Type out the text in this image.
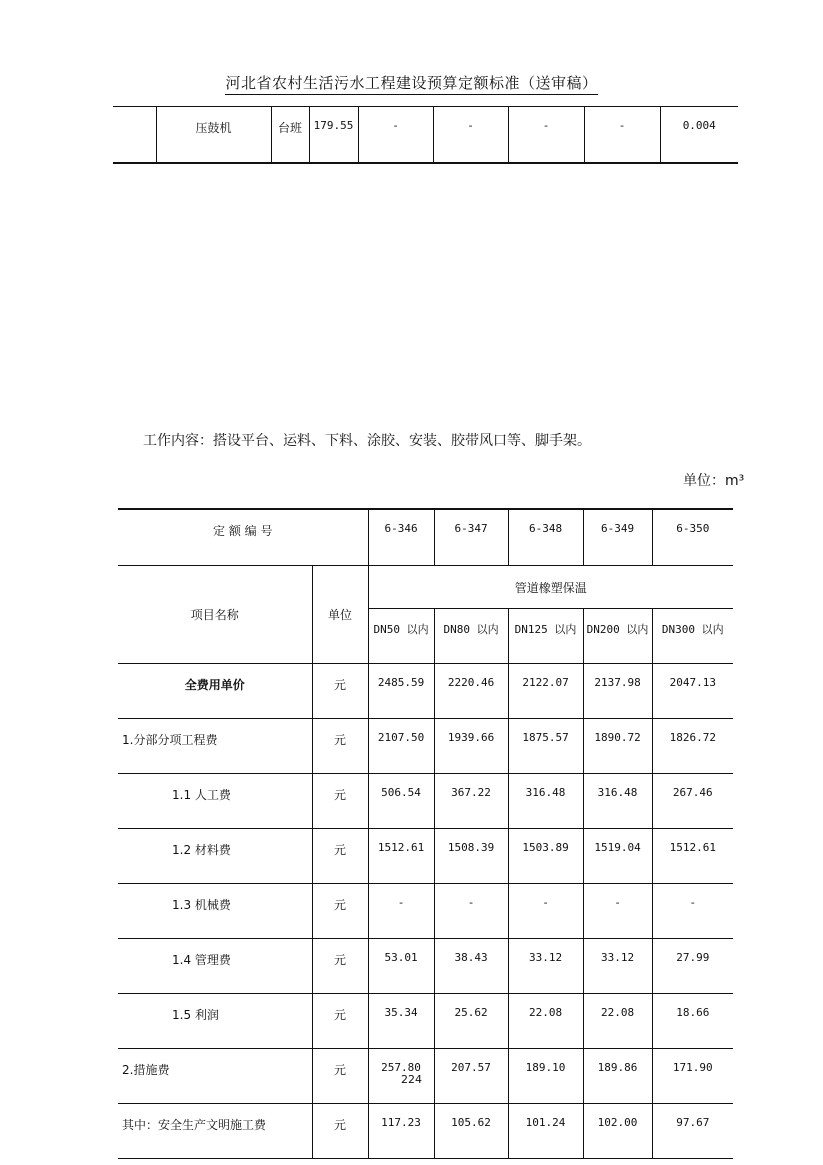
河北省农村生活污水工程建设预算定额标准（送审稿）
	压鼓机	台班	179.55	-	-	-	-	0.004
工作内容：搭设平台、运料、下料、涂胶、安装、胶带风口等、脚手架。
单位：m³
定 额 编 号		6-346	6-347	6-348	6-349	6-350
项目名称	单位	管道橡塑保温				
		DN50 以内	DN80 以内	DN125 以内	DN200 以内	DN300 以内
全费用单价	元	2485.59	2220.46	2122.07	2137.98	2047.13
1.分部分项工程费	元	2107.50	1939.66	1875.57	1890.72	1826.72
1.1 人工费	元	506.54	367.22	316.48	316.48	267.46
1.2 材料费	元	1512.61	1508.39	1503.89	1519.04	1512.61
1.3 机械费	元	-	-	-	-	-
1.4 管理费	元	53.01	38.43	33.12	33.12	27.99
1.5 利润	元	35.34	25.62	22.08	22.08	18.66
2.措施费	元	257.80	207.57	189.10	189.86	171.90
其中：安全生产文明施工费	元	117.23	105.62	101.24	102.00	97.67
224
